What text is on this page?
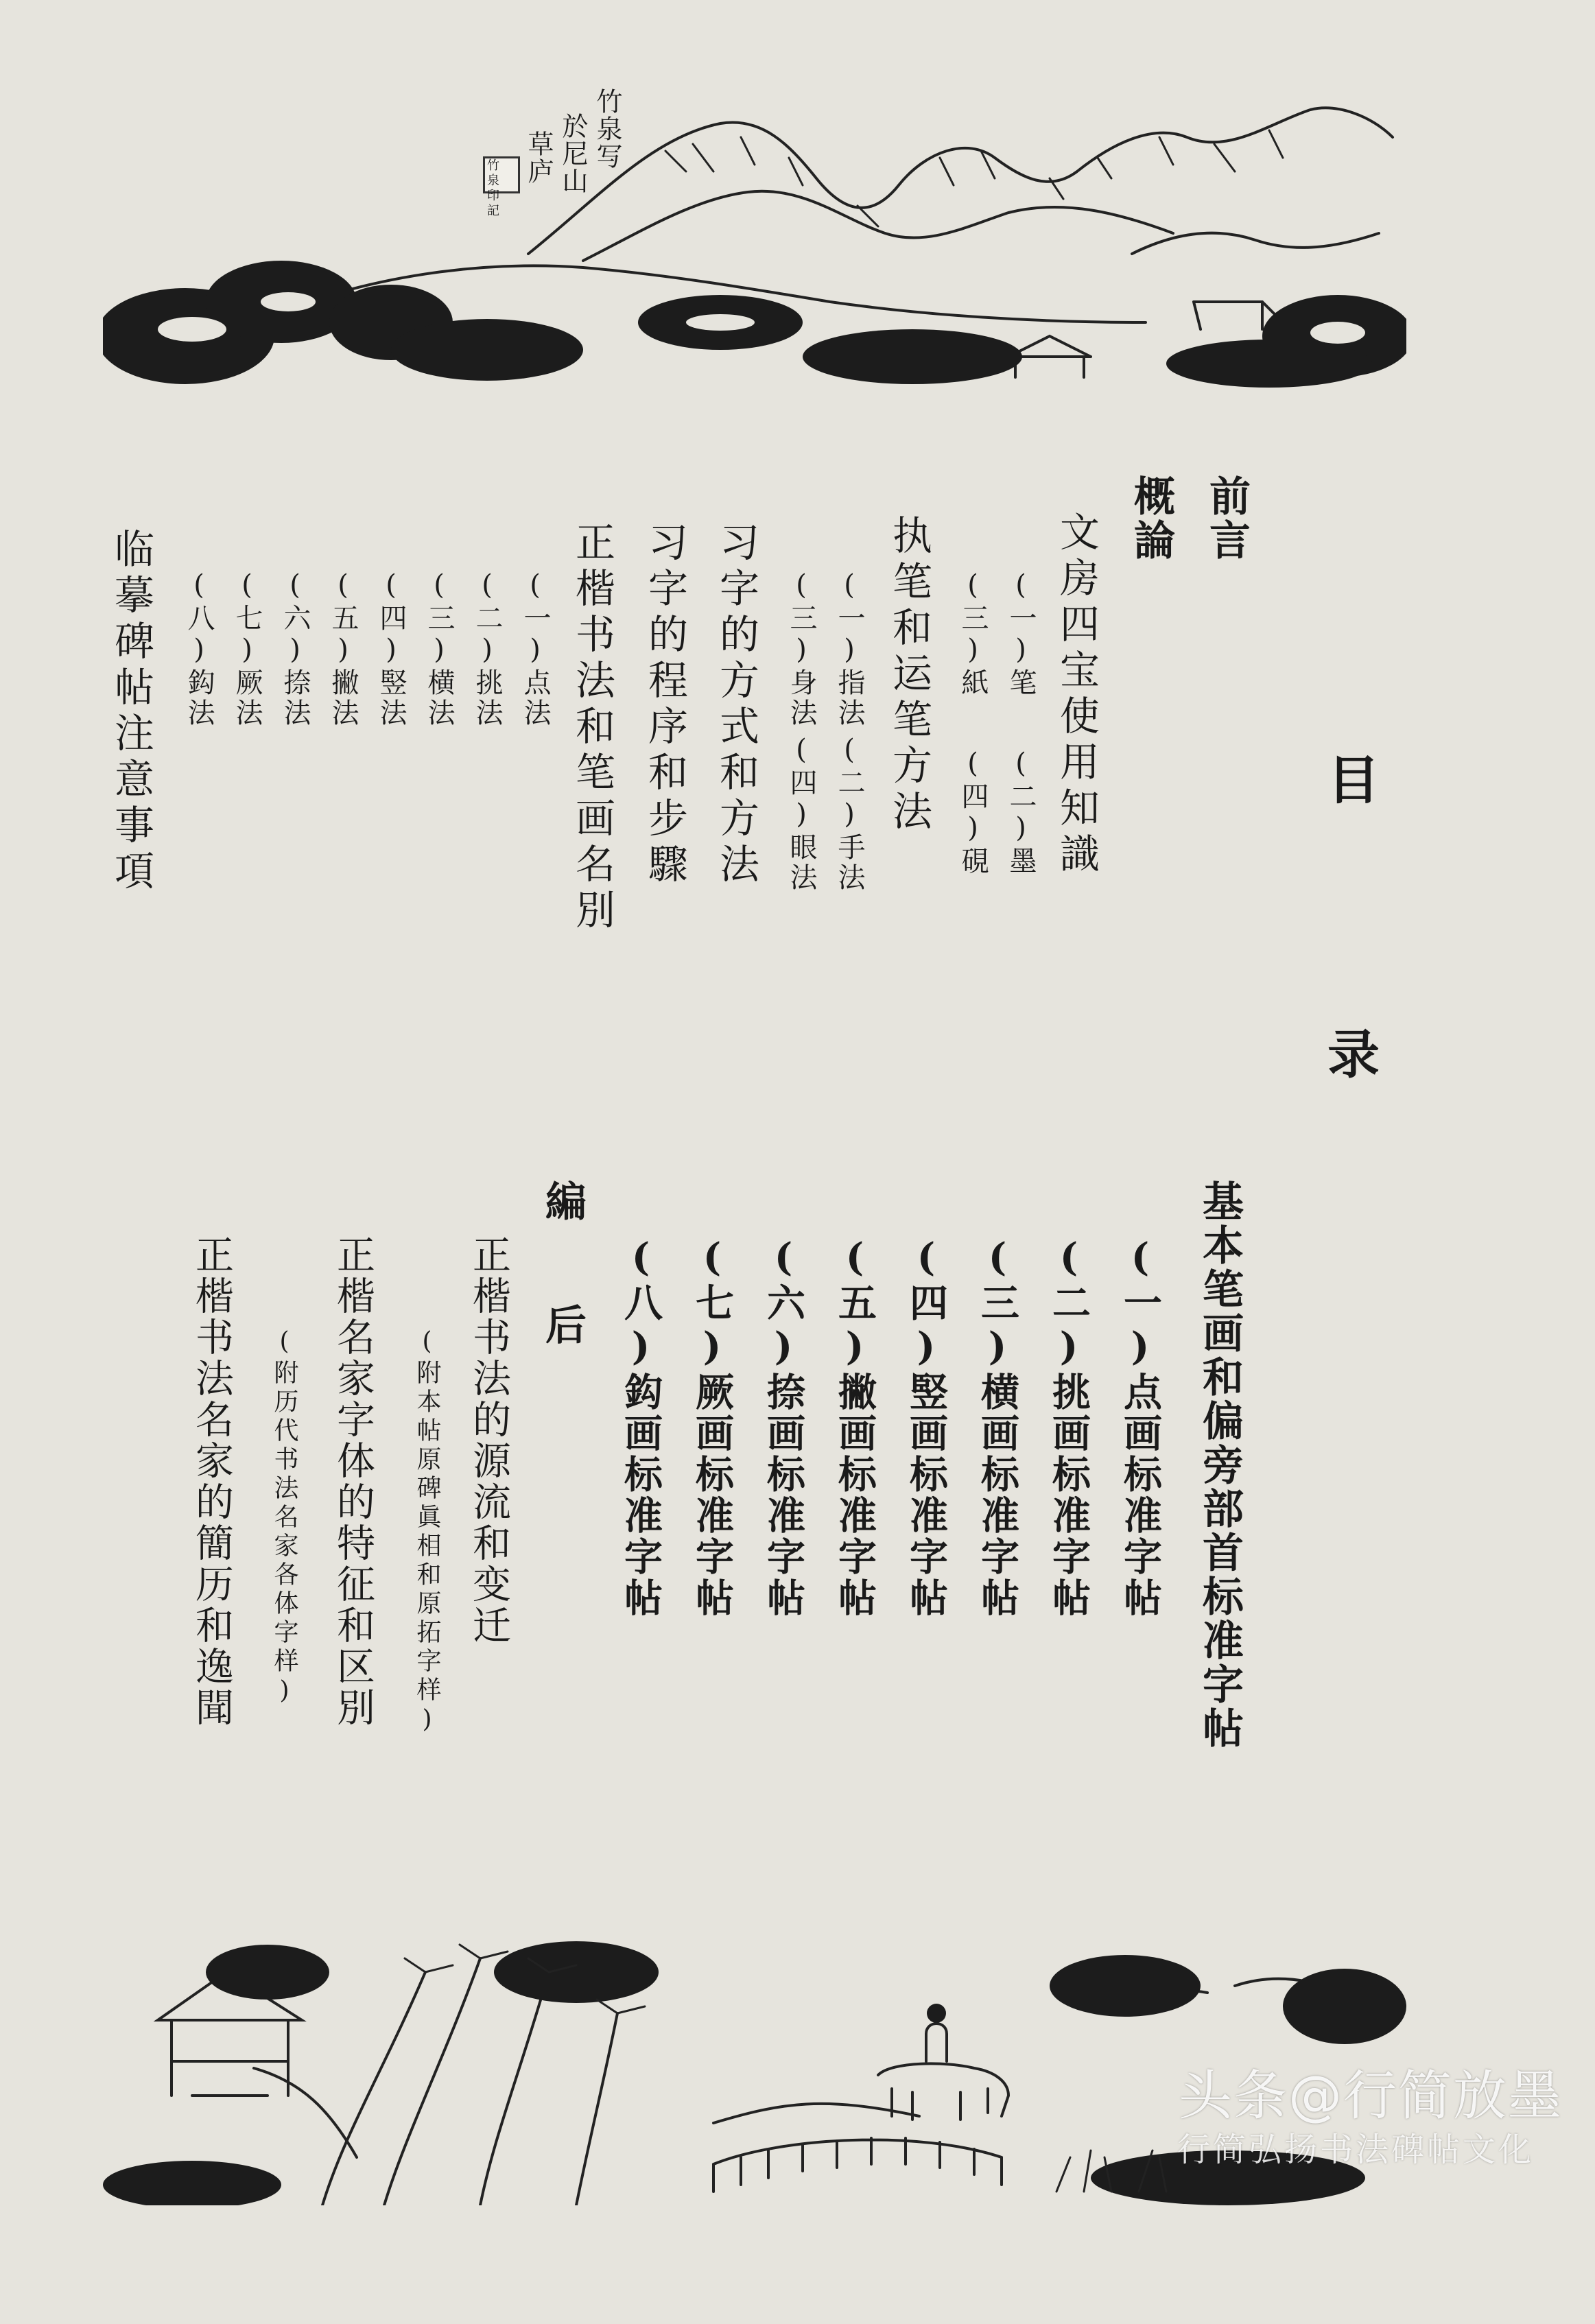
竹泉写
於尼山
草庐
竹泉印記
目
录
前言
概論
文房四宝使用知識
(一)笔
(二)墨
(三)紙
(四)硯
执笔和运笔方法
(一)指法
(二)手法
(三)身法
(四)眼法
习字的方式和方法
习字的程序和步驟
正楷书法和笔画名別
(一)点法
(二)挑法
(三)横法
(四)竪法
(五)撇法
(六)捺法
(七)厥法
(八)鈎法
临摹碑帖注意事項
基本笔画和偏旁部首标准字帖
(一)点画标准字帖
(二)挑画标准字帖
(三)横画标准字帖
(四)竪画标准字帖
(五)撇画标准字帖
(六)捺画标准字帖
(七)厥画标准字帖
(八)鈎画标准字帖
編后
正楷书法的源流和变迁
(附本帖原碑眞相和原拓字样)
正楷名家字体的特征和区別
(附历代书法名家各体字样)
正楷书法名家的簡历和逸聞
头条@行简放墨
行简弘扬书法碑帖文化
